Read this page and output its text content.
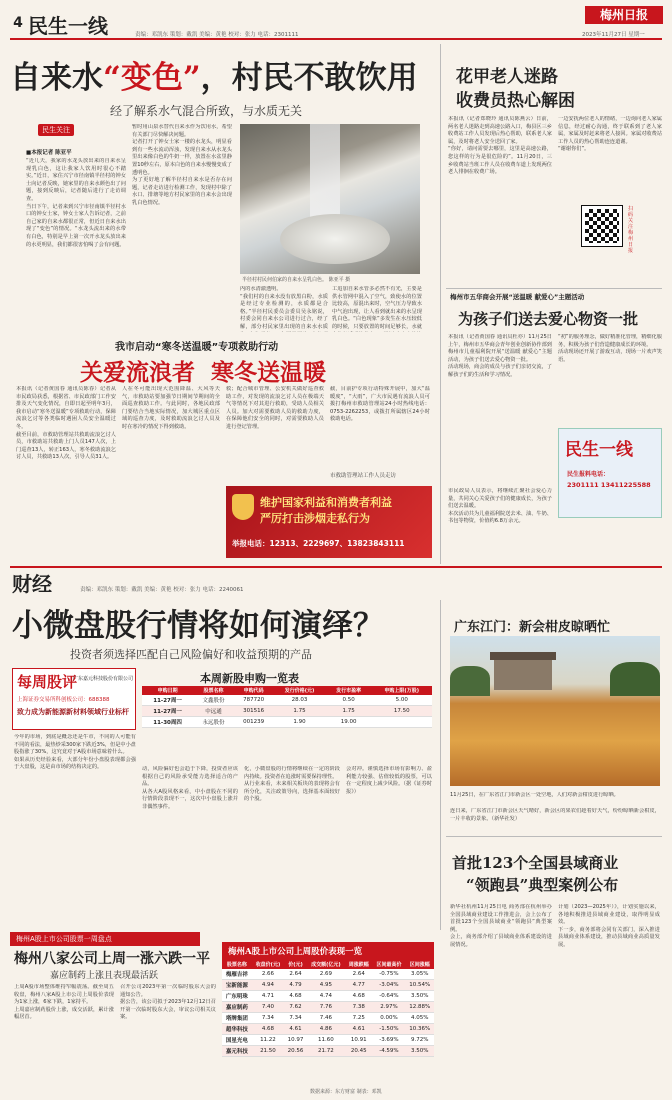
4 民生一线	责编：邓凯东 策划：戴凯 美编：黄艳 校对：张力 电话：2301111
梅州日报
2023年11月27日 星期一
自来水“变色”，村民不敢饮用
经了解系水气混合所致，与水质无关
民生关注
■本报记者 陈亚平
“近几天，我家的水龙头放出来的自来水呈现乳白色，这让我家人饮用时很心不踏实。”近日，家住兴宁市径南镇半径村的钟女士向记者反映，她家里的自来水颜色出了问题，接到反映后，记者随后进行了走访调查。
当日下午，记者来到兴宁市径南镇半径村水口的钟女士家，钟女士家人告诉记者，之前自己家的自来水都很正常，但近日自来水出现了“变色”的情况。“水龙头流出来的水带有白色，特别是早上第一次开水龙头放出来的水更明显，我们都很害怕喝了会有问题。
暂时用山泉水替代自来水作为饮用水，希望有关部门尽快解决问题。
记者打开了钟女士家一楼的水龙头，明显看到有一些水流动浑浊，发现自来水从水龙头里出来像白色的牛奶一样，放置在水盆里静置10秒左右，原本白色的自来水慢慢变成了透明色。
为了更好地了解半径村自来水是否存在问题，记者走访进行检测工作，发现村中除了水口、排塘等地方村民家里的自来水会出现乳白色情况。
半径村村民何伯家的自来水呈乳白色。 陈亚平 摄
内的水清澈透明。
“我们村的自来水没有放黑白粉，水质是经过专业检测的，水质都是合格。”半径村民委员会委员吴永铭说，村委会同自来水公司进行过合，经了解，部分村民家里出现的自来水水质
工追加自来水管多必然不有光，主要是供水管网中混入了空气，致使水的位置比较高，原混出来时，空气压力导致水中气泡出现，让人看到就出来的水呈现乳白色。“白色现象”多发生在水压较低的时候，只要放置的时间足够长，水就
我市启动“寒冬送温暖”专项救助行动
关爱流浪者  寒冬送温暖
本报讯（记者黄国春 通讯员陈春）记者从市民政局获悉，根据省、市民政部门工作安排及天气变化情况，自即日起至明年3月，我市启动“寒冬送温暖”专项救助行动，保障流浪乞讨等各类临时遇困人员安全温暖过冬。
截至目前，市救助管理站共救助流浪乞讨人员，市救助站共救助上门人员147人次，上门巡查13人，转正163人，寒冬救助流浪乞讨人员，共救助13人次，引导人员31人。
人在冬可能出现大范围降温、大风等天气，市救助站要加强节日期间节期间的全面巡查救助工作。与此同时，各地民政部门要结合当地实际情况，加大城区重点区域的巡查力度，及时救助流浪乞讨人员及时在寒冷的情况下得到救助。
救；配合城市管理、公安机关做好巡查救助工作，对发现的流浪乞讨人员在极端天气等情况下对其进行救助，受助人员相关人员。加大对需要救助人员的救助力度，在保障他们安全的同时，对需要救助人员进行登记管理。
截，目前护专项行动特殊开展中，加大“温暖度”，“大雨”，广大市民遇有流浪人员可拨打梅州市救助管理站24小时热线电话：0753-2262253，或拨打所属辖区24小时救助电话。
市救助管理站工作人员走访
维护国家利益和消费者利益
严厉打击涉烟走私行为
举报电话：12313、2229697、13823843111
花甲老人迷路
收费员热心解困
本报讯（记者郑晓玲 通讯员陈燕云）日前，两名老人迷路走到高速公路入口，梅县区三乡收费站工作人员发现后热心帮助，联系老人家属，及时将老人安全送回了家。
“你好，请问需要去哪里，这里是高速公路，您这样的行为是很危险的”。11月20日，三乡收费站当班工作人员在收费车道上发现两位老人徘徊在收费广场。
一边安抚两位老人的情绪，一边询问老人家属信息，经过耐心沟通，终于联系到了老人家属，家属及时赶来将老人接回。家属对收费站工作人员的热心帮助连连道谢。
“谢谢你们”。
扫码关注梅州日报
梅州市五华商会开展“送温暖 献爱心”主题活动
为孩子们送去爱心物资一批
本报讯（记者黄国春 通讯员杜亦）11月25日上午，梅州市五华商会青年创业创新协作部到梅州市儿童福利院开展“送温暖 献爱心”主题活动，为孩子们送去爱心物资一批。
活动现场，商会的成员与孩子们亲切交流，了解孩子们的生活和学习情况。
“初”的服务理念，做好精准化管理，精细化服务，积极为孩子们营造健康成长的环境。
活动现场还开展了游戏互动，现场一片欢声笑语。
市民政局人员表示，将继续汇聚社会爱心力量，共同关心关爱孩子们的健康成长，为孩子们送去温暖。
本次活动共为儿童福利院送去米、油、牛奶、书包等物资，价值约6.8万余元。
民生一线
民生报料电话：
2301111 13411225588
财经	责编：邓凯东 策划：戴凯 美编：黄艳 校对：张力 电话：2240061
小微盘股行情将如何演绎？
投资者须选择匹配自己风险偏好和收益预期的产品
每周股评
广东嘉元科技股份有限公司
上海证券交易所科创板公司：688388
致力成为新能源新材料领域行业标杆
今年的市场，到底是概念还是牛市，不同的人可能有不同的看法，最热炒采300家下跌近3%，但是中小盘股指涨了30%，这究竟对于A股市场意味着什么。
如果从历史经验来看，大部分年份小盘股表现都会强于大盘股，这是由市场的结构决定的。	动，风险偏好也会趋于下降，投资者应该根据自己的风险承受能力选择适合的产品。
从各大A股风格来看，中小盘股在不同的行情阶段表现不一，这次中小盘股上涨并非偶然事件。
化，小微盘股的行情将继续在一定的阶段内持续。投资者在追涨时需要保持理性。
从行业来看，未来相关板块的表现将会有所分化，关注政策导向，选择基本面较好的个股。
会对冲。谨慎选择市场有影响力、盈利能力较强、估值较低的股票，可以在一定程度上减少风险。（据《证券时报》）
本周新股申购一览表
申购日期	股票名称	申购代码	发行价格(元)	发行市盈率	申购上限(万股)
11-27周一	文鑫股份	787720	28.03	0.50	5.00
11-27周一	中远通	301516	1.75	1.75	17.50
11-30周四	永远股份	001239	1.90	19.00	
广东江门：新会柑皮晾晒忙
11月25日，在广东省江门市新会区一处空地，人们对新会柑皮进行晾晒。
连日来，广东省江门市新会区天气晴好，新会区的果农们趁着好天气，纷纷晾晒新会柑皮，一片丰收的景象。（新华社发）
首批123个全国县域商业
“领跑县”典型案例公布
新华社杭州11月25日电 商务部在杭州举办全国县域商业建设工作推进会，会上公布了首批123个全国县域商业“领跑县”典型案例。
会上，商务部介绍了县域商业体系建设的进展情况。
计划（2023—2025年）》，计划实施以来，各地积极推进县域商业建设，取得明显成效。
下一步，商务部将会同有关部门，深入推进县域商业体系建设，推动县域商业高质量发展。
梅州A股上市公司股票一周盘点
梅州八家公司上周一涨六跌一平
嘉应制药上涨且表现最活跃
上周A股市场整体维持窄幅震荡。截至周五收盘，梅州八家A股上市公司上周股价表现为1家上涨，6家下跌，1家持平。
上周嘉应制药股价上涨，成交活跃，累计涨幅居首。
召开公司2023年第一次临时股东大会的通知公告。
据公告，该公司拟于2023年12月12日召开第一次临时股东大会，审议公司相关议案。
梅州A股上市公司上周股价表现一览
股票名称	收盘价(元)	价(元)	成交额(亿元)	周涨跌幅	区间最高价	区间涨幅
梅雁吉祥	2.66	2.64	2.69	2.64	-0.75%	3.05%
宝新能源	4.94	4.79	4.95	4.77	-3.04%	10.54%
广东明珠	4.71	4.68	4.74	4.68	-0.64%	3.50%
嘉应制药	7.40	7.62	7.76	7.38	2.97%	12.88%
塔牌集团	7.34	7.34	7.46	7.25	0.00%	4.05%
超华科技	4.68	4.61	4.86	4.61	-1.50%	10.36%
国星光电	11.22	10.97	11.60	10.91	-3.69%	9.72%
嘉元科技	21.50	20.56	21.72	20.45	-4.59%	3.50%
数据来源：东方财富 制表：邓凯
